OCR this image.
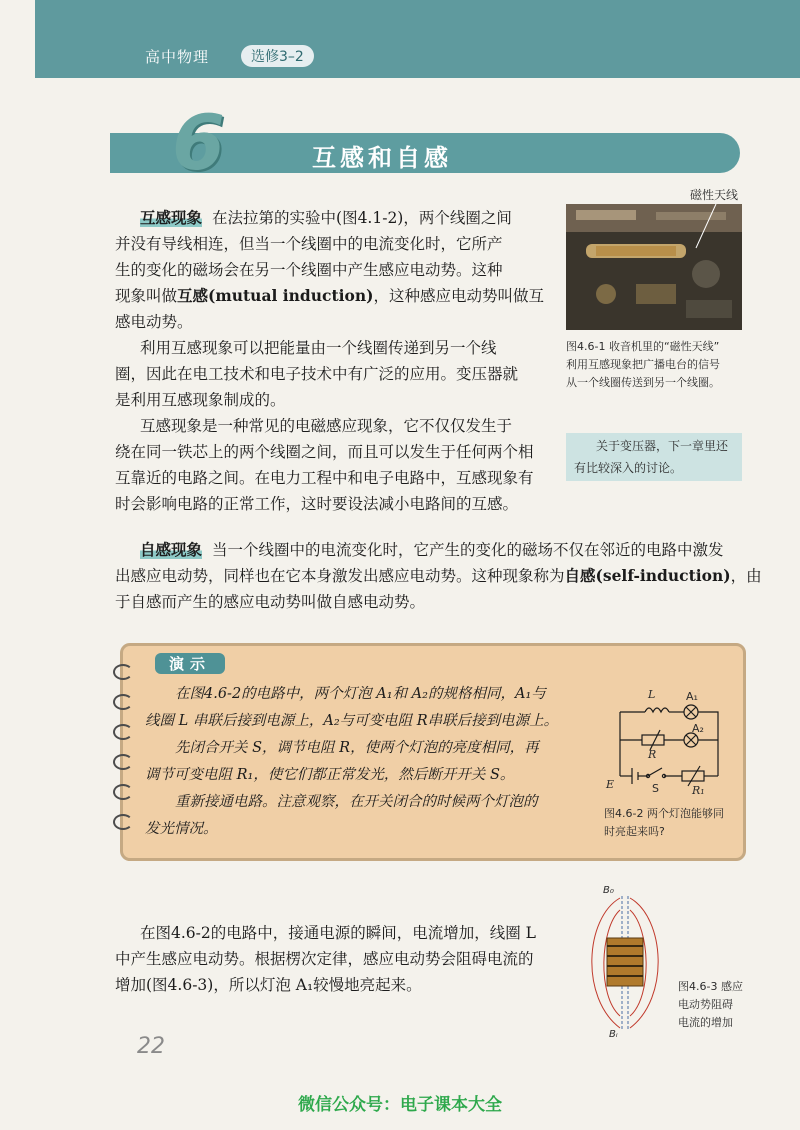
高中物理	选修3–2
6	互感和自感
互感现象 在法拉第的实验中(图4.1-2)，两个线圈之间
并没有导线相连，但当一个线圈中的电流变化时，它所产
生的变化的磁场会在另一个线圈中产生感应电动势。这种
现象叫做互感(mutual induction)，这种感应电动势叫做互
感电动势。
利用互感现象可以把能量由一个线圈传递到另一个线
圈，因此在电工技术和电子技术中有广泛的应用。变压器就
是利用互感现象制成的。
互感现象是一种常见的电磁感应现象，它不仅仅发生于
绕在同一铁芯上的两个线圈之间，而且可以发生于任何两个相
互靠近的电路之间。在电力工程中和电子电路中，互感现象有
时会影响电路的正常工作，这时要设法减小电路间的互感。
磁性天线
图4.6-1 收音机里的“磁性天线”
利用互感现象把广播电台的信号
从一个线圈传送到另一个线圈。
关于变压器，下一章里还
有比较深入的讨论。
自感现象 当一个线圈中的电流变化时，它产生的变化的磁场不仅在邻近的电路中激发
出感应电动势，同样也在它本身激发出感应电动势。这种现象称为自感(self-induction)，由
于自感而产生的感应电动势叫做自感电动势。
演示
在图4.6-2的电路中，两个灯泡 A₁和 A₂的规格相同，A₁与
线圈 L 串联后接到电源上，A₂与可变电阻 R串联后接到电源上。
先闭合开关 S，调节电阻 R，使两个灯泡的亮度相同，再
调节可变电阻 R₁，使它们都正常发光，然后断开开关 S。
重新接通电路。注意观察，在开关闭合的时候两个灯泡的
发光情况。
L	A₁
A₂
R
E	S	R₁
图4.6-2 两个灯泡能够同
时亮起来吗?
在图4.6-2的电路中，接通电源的瞬间，电流增加，线圈 L
中产生感应电动势。根据楞次定律，感应电动势会阻碍电流的
增加(图4.6-3)，所以灯泡 A₁较慢地亮起来。
B₀
Bᵢ
图4.6-3 感应
电动势阻碍
电流的增加
22
微信公众号：电子课本大全
